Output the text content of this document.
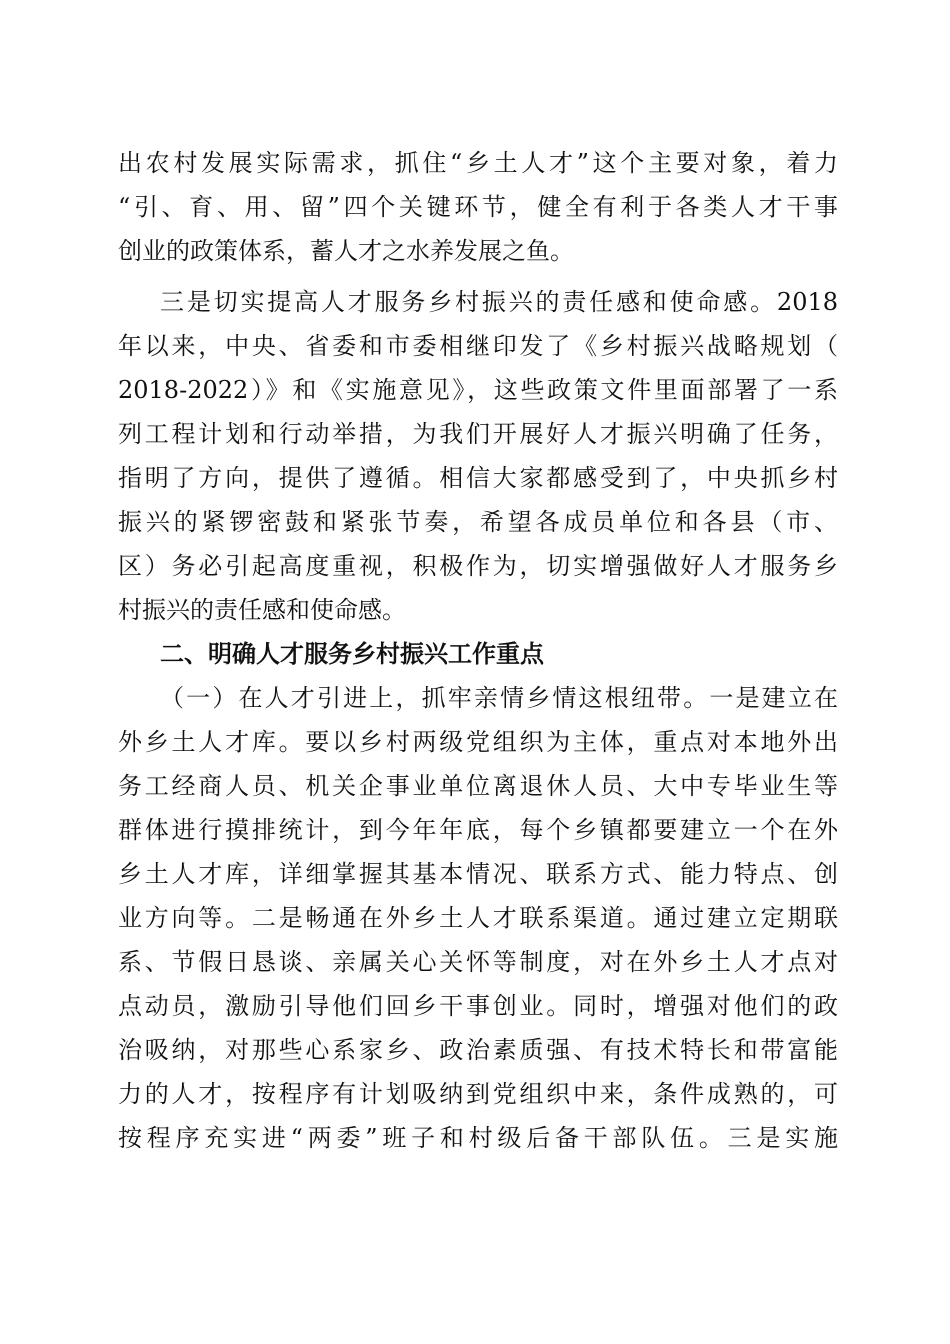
出农村发展实际需求，抓住“乡土人才”这个主要对象，着力
“引、育、用、留”四个关键环节，健全有利于各类人才干事
创业的政策体系，蓄人才之水养发展之鱼。
三是切实提高人才服务乡村振兴的责任感和使命感。2018
年以来，中央、省委和市委相继印发了《乡村振兴战略规划（
2018-2022）》和《实施意见》，这些政策文件里面部署了一系
列工程计划和行动举措，为我们开展好人才振兴明确了任务，
指明了方向，提供了遵循。相信大家都感受到了，中央抓乡村
振兴的紧锣密鼓和紧张节奏，希望各成员单位和各县（市、
区）务必引起高度重视，积极作为，切实增强做好人才服务乡
村振兴的责任感和使命感。
二、明确人才服务乡村振兴工作重点
（一）在人才引进上，抓牢亲情乡情这根纽带。一是建立在
外乡土人才库。要以乡村两级党组织为主体，重点对本地外出
务工经商人员、机关企事业单位离退休人员、大中专毕业生等
群体进行摸排统计，到今年年底，每个乡镇都要建立一个在外
乡土人才库，详细掌握其基本情况、联系方式、能力特点、创
业方向等。二是畅通在外乡土人才联系渠道。通过建立定期联
系、节假日恳谈、亲属关心关怀等制度，对在外乡土人才点对
点动员，激励引导他们回乡干事创业。同时，增强对他们的政
治吸纳，对那些心系家乡、政治素质强、有技术特长和带富能
力的人才，按程序有计划吸纳到党组织中来，条件成熟的，可
按程序充实进“两委”班子和村级后备干部队伍。三是实施
